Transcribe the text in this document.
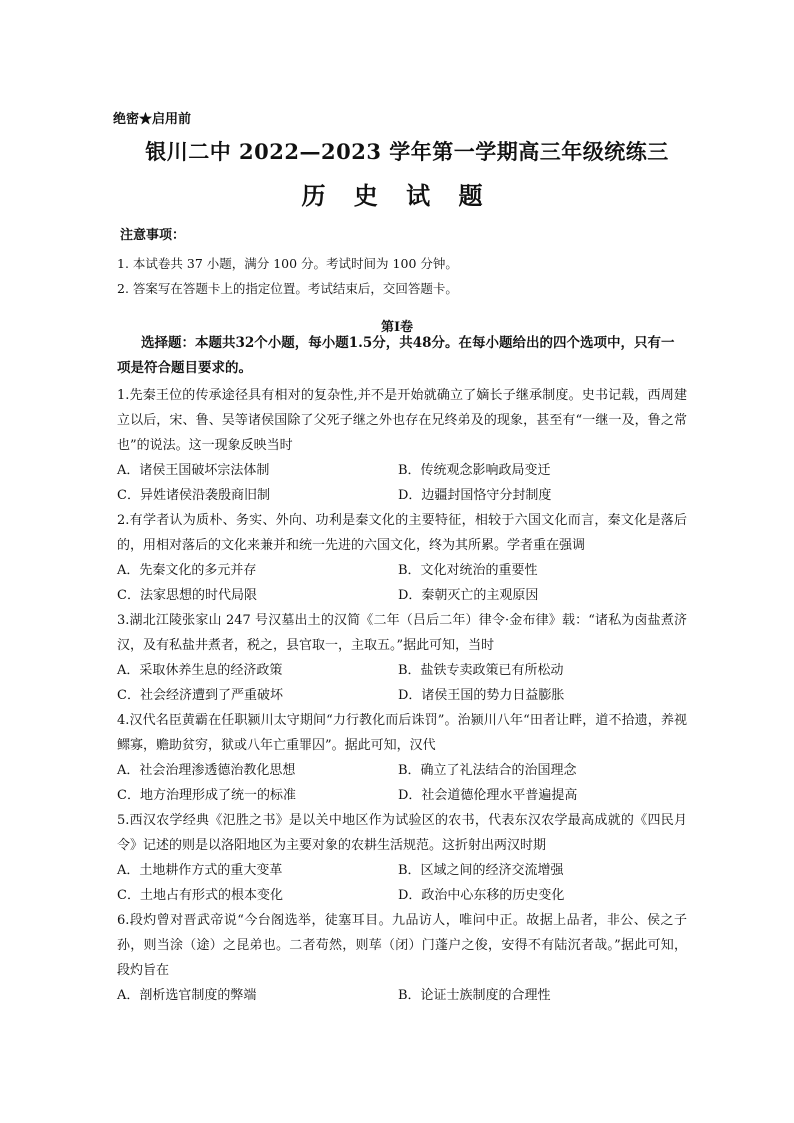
绝密★启用前
银川二中 2022—2023 学年第一学期高三年级统练三
历 史 试 题
注意事项：
1. 本试卷共 37 小题，满分 100 分。考试时间为 100 分钟。
2. 答案写在答题卡上的指定位置。考试结束后，交回答题卡。
第Ⅰ卷
选择题：本题共32个小题，每小题1.5分，共48分。在每小题给出的四个选项中，只有一项是符合题目要求的。
1.先秦王位的传承途径具有相对的复杂性,并不是开始就确立了嫡长子继承制度。史书记载，西周建立以后，宋、鲁、吴等诸侯国除了父死子继之外也存在兄终弟及的现象，甚至有“一继一及，鲁之常也”的说法。这一现象反映当时
A．诸侯王国破坏宗法体制	B．传统观念影响政局变迁
C．异姓诸侯沿袭殷商旧制	D．边疆封国恪守分封制度
2.有学者认为质朴、务实、外向、功利是秦文化的主要特征，相较于六国文化而言，秦文化是落后的，用相对落后的文化来兼并和统一先进的六国文化，终为其所累。学者重在强调
A．先秦文化的多元并存	B．文化对统治的重要性
C．法家思想的时代局限	D．秦朝灭亡的主观原因
3.湖北江陵张家山 247 号汉墓出土的汉简《二年（吕后二年）律令·金布律》载：“诸私为卤盐煮济汉，及有私盐井煮者，税之，县官取一，主取五。”据此可知，当时
A．采取休养生息的经济政策	B．盐铁专卖政策已有所松动
C．社会经济遭到了严重破坏	D．诸侯王国的势力日益膨胀
4.汉代名臣黄霸在任职颍川太守期间“力行教化而后诛罚”。治颍川八年“田者让畔，道不拾遗，养视鳏寡，赡助贫穷，狱或八年亡重罪囚”。据此可知，汉代
A．社会治理渗透德治教化思想	B．确立了礼法结合的治国理念
C．地方治理形成了统一的标准	D．社会道德伦理水平普遍提高
5.西汉农学经典《氾胜之书》是以关中地区作为试验区的农书，代表东汉农学最高成就的《四民月令》记述的则是以洛阳地区为主要对象的农耕生活规范。这折射出两汉时期
A．土地耕作方式的重大变革	B．区域之间的经济交流增强
C．土地占有形式的根本变化	D．政治中心东移的历史变化
6.段灼曾对晋武帝说“今台阁选举，徒塞耳目。九品访人，唯问中正。故据上品者，非公、侯之子孙，则当涂（途）之昆弟也。二者苟然，则荜（闭）门蓬户之俊，安得不有陆沉者哉。”据此可知，段灼旨在
A．剖析选官制度的弊端	B．论证士族制度的合理性
